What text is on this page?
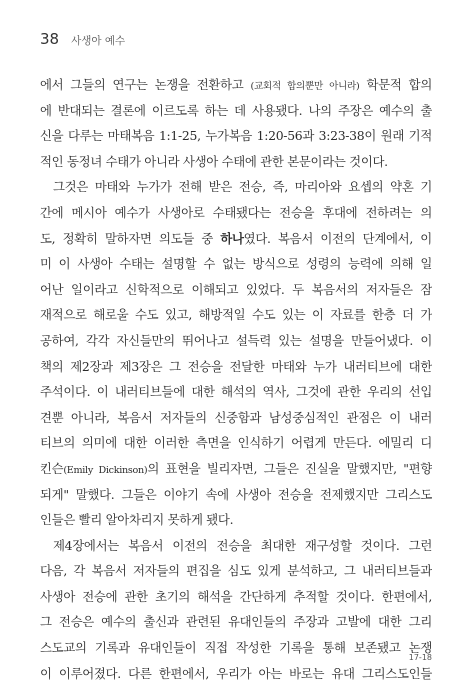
38 사생아 예수
에서 그들의 연구는 논쟁을 전환하고 (교회적 합의뿐만 아니라) 학문적 합의
에 반대되는 결론에 이르도록 하는 데 사용됐다. 나의 주장은 예수의 출
신을 다루는 마태복음 1:1-25, 누가복음 1:20-56과 3:23-38이 원래 기적
적인 동정녀 수태가 아니라 사생아 수태에 관한 본문이라는 것이다.
그것은 마태와 누가가 전해 받은 전승, 즉, 마리아와 요셉의 약혼 기
간에 메시아 예수가 사생아로 수태됐다는 전승을 후대에 전하려는 의
도, 정확히 말하자면 의도들 중 하나였다. 복음서 이전의 단계에서, 이
미 이 사생아 수태는 설명할 수 없는 방식으로 성령의 능력에 의해 일
어난 일이라고 신학적으로 이해되고 있었다. 두 복음서의 저자들은 잠
재적으로 해로울 수도 있고, 해방적일 수도 있는 이 자료를 한층 더 가
공하여, 각각 자신들만의 뛰어나고 설득력 있는 설명을 만들어냈다. 이
책의 제2장과 제3장은 그 전승을 전달한 마태와 누가 내러티브에 대한
주석이다. 이 내러티브들에 대한 해석의 역사, 그것에 관한 우리의 선입
견뿐 아니라, 복음서 저자들의 신중함과 남성중심적인 관점은 이 내러
티브의 의미에 대한 이러한 측면을 인식하기 어렵게 만든다. 에밀리 디
킨슨(Emily Dickinson)의 표현을 빌리자면, 그들은 진실을 말했지만, "편향
되게" 말했다. 그들은 이야기 속에 사생아 전승을 전제했지만 그리스도
인들은 빨리 알아차리지 못하게 됐다.
제4장에서는 복음서 이전의 전승을 최대한 재구성할 것이다. 그런
다음, 각 복음서 저자들의 편집을 심도 있게 분석하고, 그 내러티브들과
사생아 전승에 관한 초기의 해석을 간단하게 추적할 것이다. 한편에서,
그 전승은 예수의 출신과 관련된 유대인들의 주장과 고발에 대한 그리
스도교의 기록과 유대인들이 직접 작성한 기록을 통해 보존됐고 논쟁
이 이루어졌다. 다른 한편에서, 우리가 아는 바로는 유대 그리스도인들
17-18
